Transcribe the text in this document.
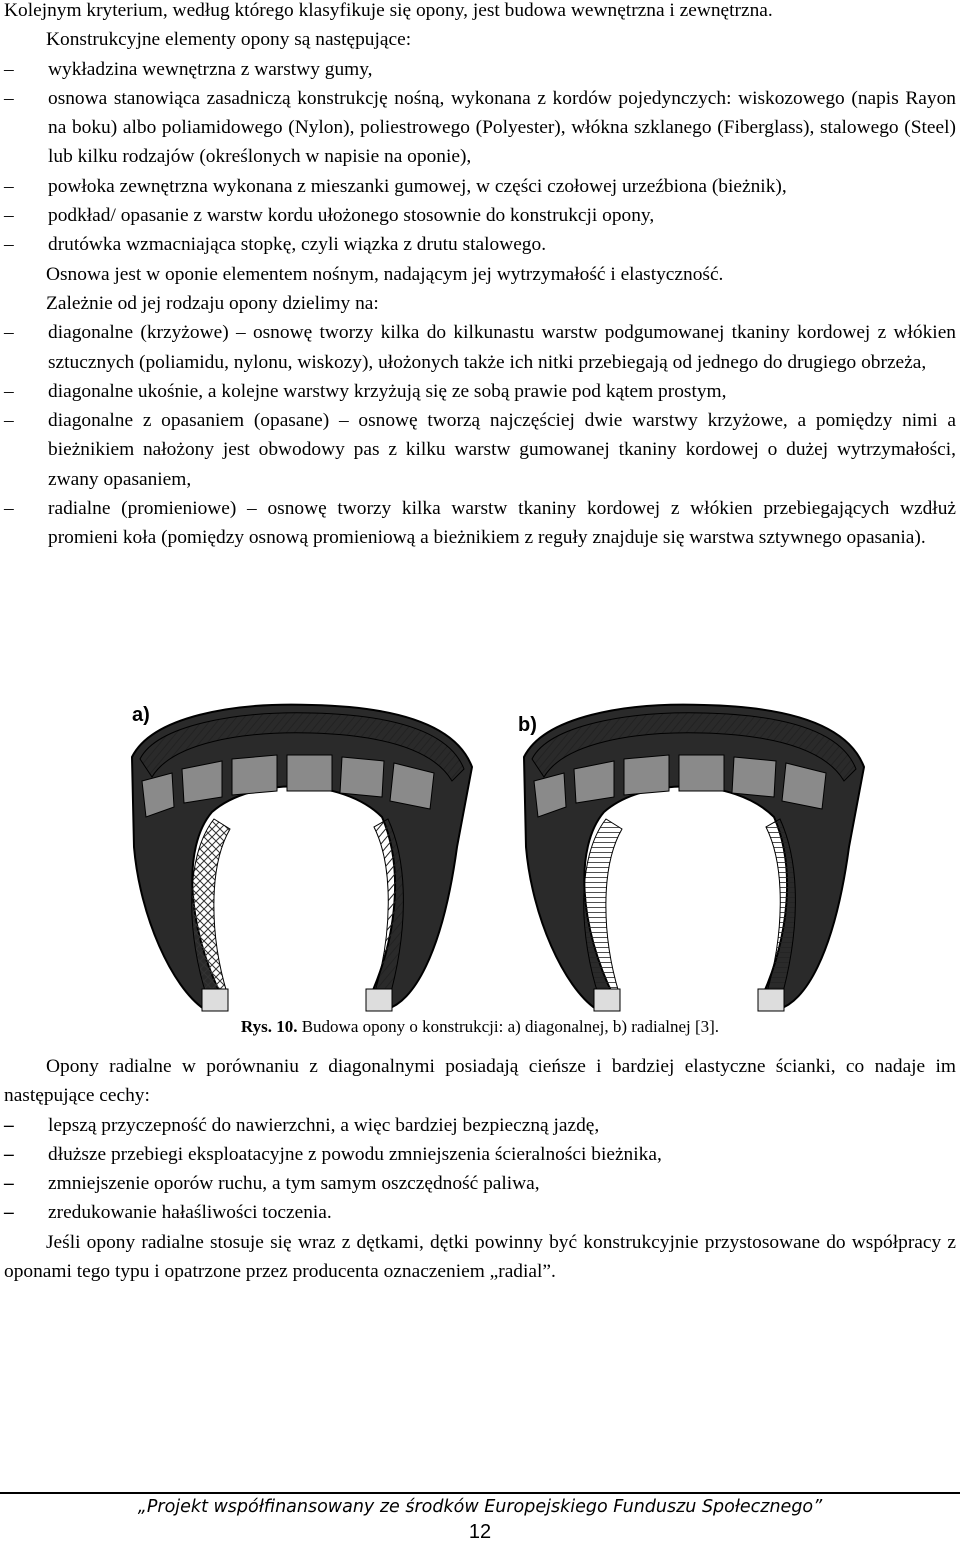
Kolejnym kryterium, według którego klasyfikuje się opony, jest budowa wewnętrzna i zewnętrzna.

Konstrukcyjne elementy opony są następujące:

–	wykładzina wewnętrzna z warstwy gumy,

–	osnowa stanowiąca zasadniczą konstrukcję nośną, wykonana z kordów pojedynczych: wiskozowego (napis Rayon na boku) albo poliamidowego (Nylon), poliestrowego (Polyester), włókna szklanego (Fiberglass), stalowego (Steel) lub kilku rodzajów (określonych w napisie na oponie),

–	powłoka zewnętrzna wykonana z mieszanki gumowej, w części czołowej urzeźbiona (bieżnik),

–	podkład/ opasanie z warstw kordu ułożonego stosownie do konstrukcji opony,

–	drutówka wzmacniająca stopkę, czyli wiązka z drutu stalowego.

Osnowa jest w oponie elementem nośnym, nadającym jej wytrzymałość i elastyczność.

Zależnie od jej rodzaju opony dzielimy na:

–	diagonalne (krzyżowe) – osnowę tworzy kilka do kilkunastu warstw podgumowanej tkaniny kordowej z włókien sztucznych (poliamidu, nylonu, wiskozy), ułożonych także ich nitki przebiegają od jednego do drugiego obrzeża,

–	diagonalne ukośnie, a kolejne warstwy krzyżują się ze sobą prawie pod kątem prostym,

–	diagonalne z opasaniem (opasane) – osnowę tworzą najczęściej dwie warstwy krzyżowe, a pomiędzy nimi a bieżnikiem nałożony jest obwodowy pas z kilku warstw gumowanej tkaniny kordowej o dużej wytrzymałości, zwany opasaniem,

–	radialne (promieniowe) – osnowę tworzy kilka warstw tkaniny kordowej z włókien przebiegających wzdłuż promieni koła (pomiędzy osnową promieniową a bieżnikiem z reguły znajduje się warstwa sztywnego opasania).

a)	b)
Rys. 10. Budowa opony o konstrukcji: a) diagonalnej, b) radialnej [3].

Opony radialne w porównaniu z diagonalnymi posiadają cieńsze i bardziej elastyczne ścianki, co nadaje im następujące cechy:

–	lepszą przyczepność do nawierzchni, a więc bardziej bezpieczną jazdę,

–	dłuższe przebiegi eksploatacyjne z powodu zmniejszenia ścieralności bieżnika,

–	zmniejszenie oporów ruchu, a tym samym oszczędność paliwa,

–	zredukowanie hałaśliwości toczenia.

Jeśli opony radialne stosuje się wraz z dętkami, dętki powinny być konstrukcyjnie przystosowane do współpracy z oponami tego typu i opatrzone przez producenta oznaczeniem „radial”.

„Projekt współfinansowany ze środków Europejskiego Funduszu Społecznego”
12
